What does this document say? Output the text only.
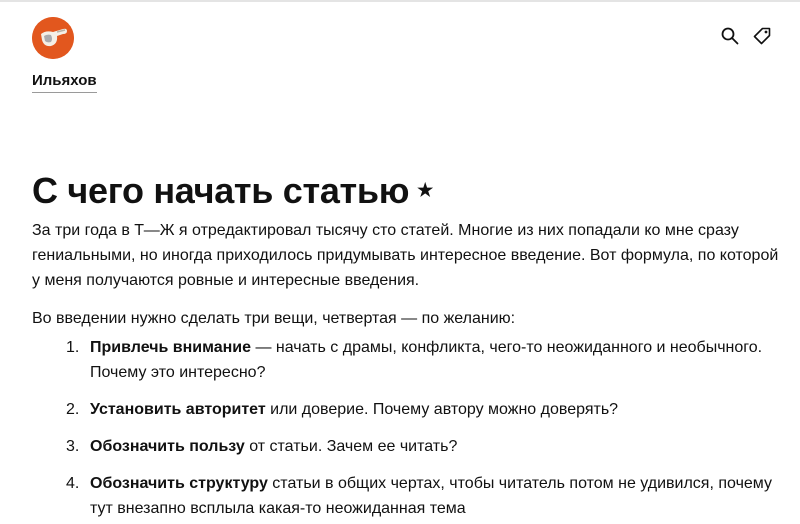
Ильяхов
С чего начать статью ★

За три года в Т—Ж я отредактировал тысячу сто статей. Многие из них попадали ко мне сразу гениальными, но иногда приходилось придумывать интересное введение. Вот формула, по которой у меня получаются ровные и интересные введения.

Во введении нужно сделать три вещи, четвертая — по желанию:

1. Привлечь внимание — начать с драмы, конфликта, чего-то неожиданного и необычного. Почему это интересно?
2. Установить авторитет или доверие. Почему автору можно доверять?
3. Обозначить пользу от статьи. Зачем ее читать?
4. Обозначить структуру статьи в общих чертах, чтобы читатель потом не удивился, почему тут внезапно всплыла какая-то неожиданная тема
